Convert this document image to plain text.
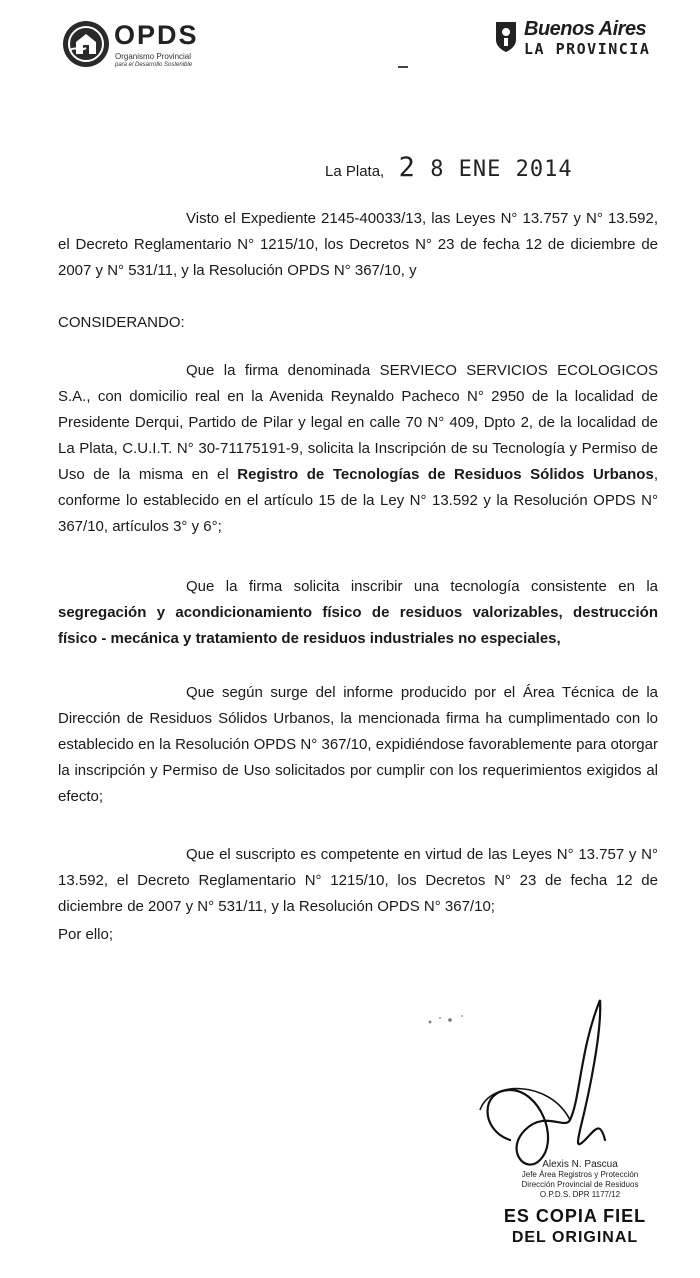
OPDS
Organismo Provincial
para el Desarrollo Sostenible
Buenos Aires
LA PROVINCIA
La Plata, 2 8 ENE 2014
Visto el Expediente 2145-40033/13, las Leyes N° 13.757 y N° 13.592, el Decreto Reglamentario N° 1215/10, los Decretos N° 23 de fecha 12 de diciembre de 2007 y N° 531/11, y la Resolución OPDS N° 367/10, y
CONSIDERANDO:
Que la firma denominada SERVIECO SERVICIOS ECOLOGICOS S.A., con domicilio real en la Avenida Reynaldo Pacheco N° 2950 de la localidad de Presidente Derqui, Partido de Pilar y legal en calle 70 N° 409, Dpto 2, de la localidad de La Plata, C.U.I.T. N° 30-71175191-9, solicita la Inscripción de su Tecnología y Permiso de Uso de la misma en el Registro de Tecnologías de Residuos Sólidos Urbanos, conforme lo establecido en el artículo 15 de la Ley N° 13.592 y la Resolución OPDS N° 367/10, artículos 3° y 6°;
Que la firma solicita inscribir una tecnología consistente en la segregación y acondicionamiento físico de residuos valorizables, destrucción físico - mecánica y tratamiento de residuos industriales no especiales,
Que según surge del informe producido por el Área Técnica de la Dirección de Residuos Sólidos Urbanos, la mencionada firma ha cumplimentado con lo establecido en la Resolución OPDS N° 367/10, expidiéndose favorablemente para otorgar la inscripción y Permiso de Uso solicitados por cumplir con los requerimientos exigidos al efecto;
Que el suscripto es competente en virtud de las Leyes N° 13.757 y N° 13.592, el Decreto Reglamentario N° 1215/10, los Decretos N° 23 de fecha 12 de diciembre de 2007 y N° 531/11, y la Resolución OPDS N° 367/10;
Por ello;
Alexis N. Pascua
Jefe Área Registros y Protección
Dirección Provincial de Residuos
O.P.D.S. DPR 1177/12
ES COPIA FIEL
DEL ORIGINAL
